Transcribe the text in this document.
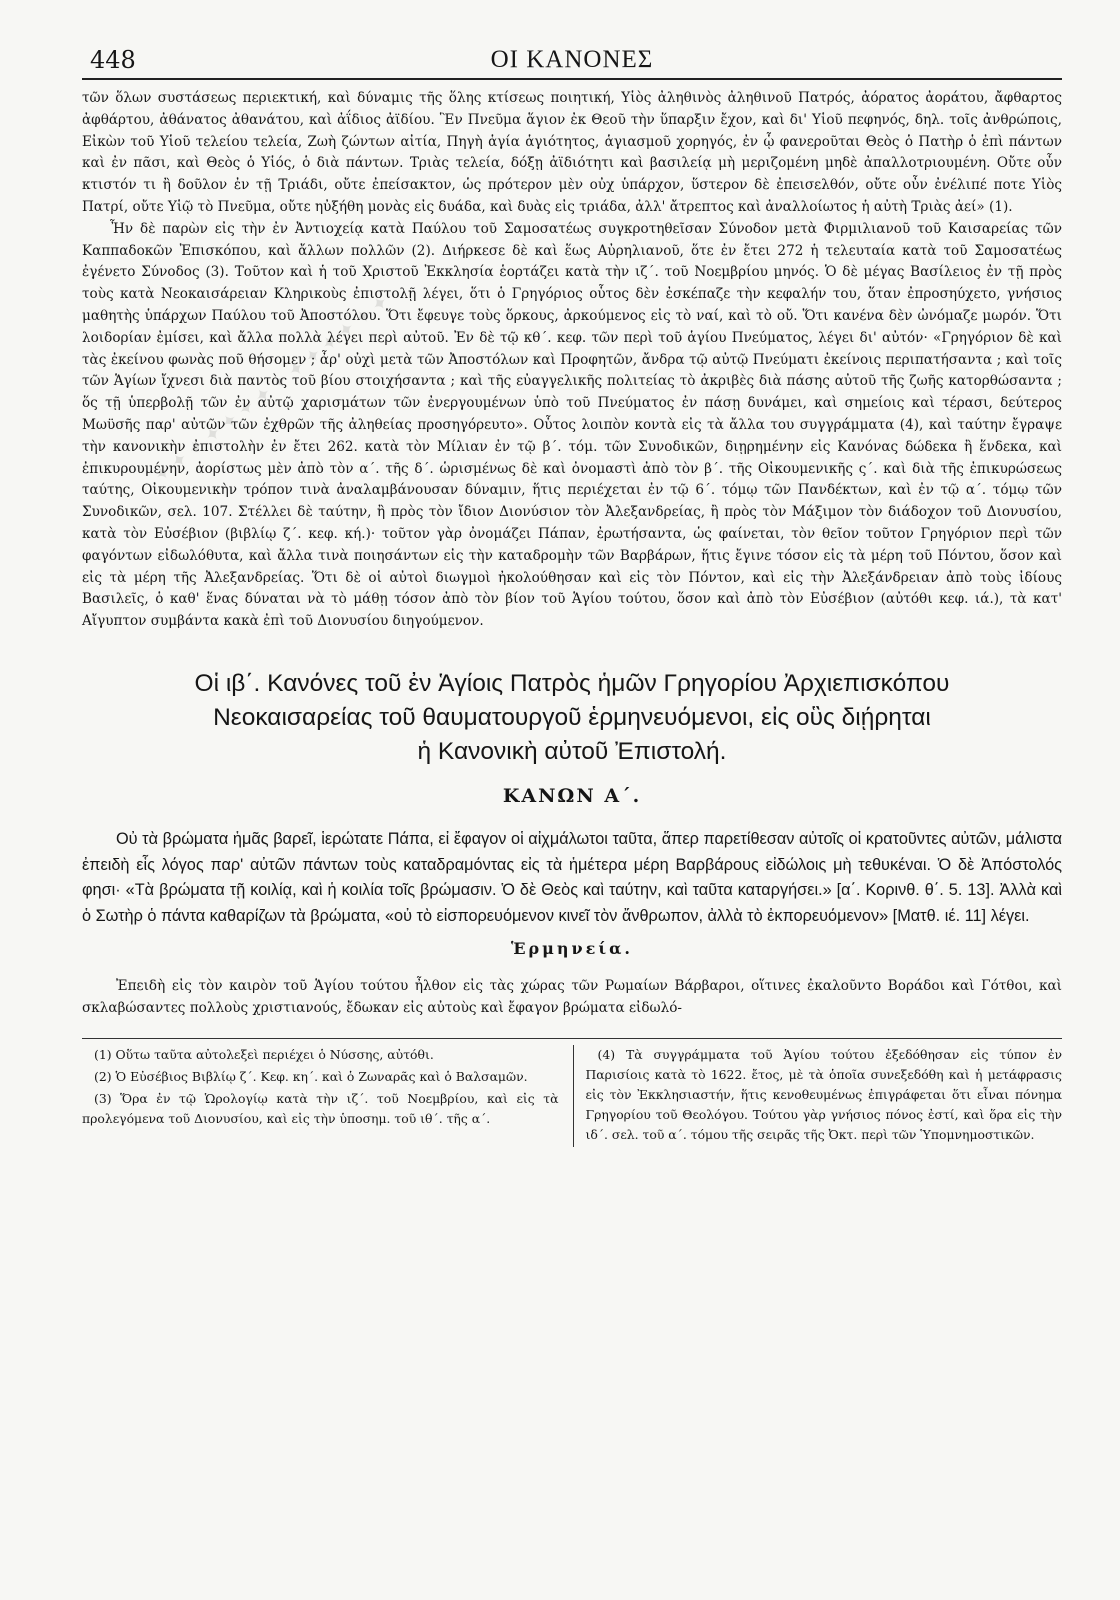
✦ ✦ ✦ ✦ ✦ ✦ ✦ ✦ ✦ ✦ ✦ ✦ ✦ ✦
448	ΟΙ ΚΑΝΟΝΕΣ

τῶν ὅλων συστάσεως περιεκτική, καὶ δύναμις τῆς ὅλης κτίσεως ποιητική, Υἱὸς ἀληθινὸς ἀληθινοῦ Πατρός, ἀόρατος ἀοράτου, ἄφθαρτος ἀφθάρτου, ἀθάνατος ἀθανάτου, καὶ ἀΐδιος ἀϊδίου. Ἓν Πνεῦμα ἅγιον ἐκ Θεοῦ τὴν ὕπαρξιν ἔχον, καὶ δι' Υἱοῦ πεφηνός, δηλ. τοῖς ἀνθρώποις, Εἰκὼν τοῦ Υἱοῦ τελείου τελεία, Ζωὴ ζώντων αἰτία, Πηγὴ ἁγία ἁγιότητος, ἁγιασμοῦ χορηγός, ἐν ᾧ φανεροῦται Θεὸς ὁ Πατὴρ ὁ ἐπὶ πάντων καὶ ἐν πᾶσι, καὶ Θεὸς ὁ Υἱός, ὁ διὰ πάντων. Τριὰς τελεία, δόξῃ ἀϊδιότητι καὶ βασιλείᾳ μὴ μεριζομένη μηδὲ ἀπαλλοτριουμένη. Οὔτε οὖν κτιστόν τι ἢ δοῦλον ἐν τῇ Τριάδι, οὔτε ἐπείσακτον, ὡς πρότερον μὲν οὐχ ὑπάρχον, ὕστερον δὲ ἐπεισελθόν, οὔτε οὖν ἐνέλιπέ ποτε Υἱὸς Πατρί, οὔτε Υἱῷ τὸ Πνεῦμα, οὔτε ηὐξήθη μονὰς εἰς δυάδα, καὶ δυὰς εἰς τριάδα, ἀλλ' ἄτρεπτος καὶ ἀναλλοίωτος ἡ αὐτὴ Τριὰς ἀεί» (1).

Ἦν δὲ παρὼν εἰς τὴν ἐν Ἀντιοχείᾳ κατὰ Παύλου τοῦ Σαμοσατέως συγκροτηθεῖσαν Σύνοδον μετὰ Φιρμιλιανοῦ τοῦ Καισαρείας τῶν Καππαδοκῶν Ἐπισκόπου, καὶ ἄλλων πολλῶν (2). Διήρκεσε δὲ καὶ ἕως Αὐρηλιανοῦ, ὅτε ἐν ἔτει 272 ἡ τελευταία κατὰ τοῦ Σαμοσατέως ἐγένετο Σύνοδος (3). Τοῦτον καὶ ἡ τοῦ Χριστοῦ Ἐκκλησία ἑορτάζει κατὰ τὴν ιζ΄. τοῦ Νοεμβρίου μηνός. Ὁ δὲ μέγας Βασίλειος ἐν τῇ πρὸς τοὺς κατὰ Νεοκαισάρειαν Κληρικοὺς ἐπιστολῇ λέγει, ὅτι ὁ Γρηγόριος οὗτος δὲν ἐσκέπαζε τὴν κεφαλήν του, ὅταν ἐπροσηύχετο, γνήσιος μαθητὴς ὑπάρχων Παύλου τοῦ Ἀποστόλου. Ὅτι ἔφευγε τοὺς ὅρκους, ἀρκούμενος εἰς τὸ ναί, καὶ τὸ οὔ. Ὅτι κανένα δὲν ὠνόμαζε μωρόν. Ὅτι λοιδορίαν ἐμίσει, καὶ ἄλλα πολλὰ λέγει περὶ αὐτοῦ. Ἐν δὲ τῷ κθ΄. κεφ. τῶν περὶ τοῦ ἁγίου Πνεύματος, λέγει δι' αὐτόν· «Γρηγόριον δὲ καὶ τὰς ἐκείνου φωνὰς ποῦ θήσομεν ; ἆρ' οὐχὶ μετὰ τῶν Ἀποστόλων καὶ Προφητῶν, ἄνδρα τῷ αὐτῷ Πνεύματι ἐκείνοις περιπατήσαντα ; καὶ τοῖς τῶν Ἁγίων ἴχνεσι διὰ παντὸς τοῦ βίου στοιχήσαντα ; καὶ τῆς εὐαγγελικῆς πολιτείας τὸ ἀκριβὲς διὰ πάσης αὐτοῦ τῆς ζωῆς κατορθώσαντα ; ὅς τῇ ὑπερβολῇ τῶν ἐν αὐτῷ χαρισμάτων τῶν ἐνεργουμένων ὑπὸ τοῦ Πνεύματος ἐν πάσῃ δυνάμει, καὶ σημείοις καὶ τέρασι, δεύτερος Μωϋσῆς παρ' αὐτῶν τῶν ἐχθρῶν τῆς ἀληθείας προσηγόρευτο». Οὗτος λοιπὸν κοντὰ εἰς τὰ ἄλλα του συγγράμματα (4), καὶ ταύτην ἔγραψε τὴν κανονικὴν ἐπιστολὴν ἐν ἔτει 262. κατὰ τὸν Μίλιαν ἐν τῷ β΄. τόμ. τῶν Συνοδικῶν, διῃρημένην εἰς Κανόνας δώδεκα ἢ ἕνδεκα, καὶ ἐπικυρουμένην, ἀορίστως μὲν ἀπὸ τὸν α΄. τῆς δ΄. ὡρισμένως δὲ καὶ ὀνομαστὶ ἀπὸ τὸν β΄. τῆς Οἰκουμενικῆς ς΄. καὶ διὰ τῆς ἐπικυρώσεως ταύτης, Οἰκουμενικὴν τρόπον τινὰ ἀναλαμβάνουσαν δύναμιν, ἥτις περιέχεται ἐν τῷ 6΄. τόμῳ τῶν Πανδέκτων, καὶ ἐν τῷ α΄. τόμῳ τῶν Συνοδικῶν, σελ. 107. Στέλλει δὲ ταύτην, ἢ πρὸς τὸν ἴδιον Διονύσιον τὸν Ἀλεξανδρείας, ἢ πρὸς τὸν Μάξιμον τὸν διάδοχον τοῦ Διονυσίου, κατὰ τὸν Εὐσέβιον (βιβλίῳ ζ΄. κεφ. κή.)· τοῦτον γὰρ ὀνομάζει Πάπαν, ἐρωτήσαντα, ὡς φαίνεται, τὸν θεῖον τοῦτον Γρηγόριον περὶ τῶν φαγόντων εἰδωλόθυτα, καὶ ἄλλα τινὰ ποιησάντων εἰς τὴν καταδρομὴν τῶν Βαρβάρων, ἥτις ἔγινε τόσον εἰς τὰ μέρη τοῦ Πόντου, ὅσον καὶ εἰς τὰ μέρη τῆς Ἀλεξανδρείας. Ὅτι δὲ οἱ αὐτοὶ διωγμοὶ ἠκολούθησαν καὶ εἰς τὸν Πόντον, καὶ εἰς τὴν Ἀλεξάνδρειαν ἀπὸ τοὺς ἰδίους Βασιλεῖς, ὁ καθ' ἕνας δύναται νὰ τὸ μάθῃ τόσον ἀπὸ τὸν βίον τοῦ Ἁγίου τούτου, ὅσον καὶ ἀπὸ τὸν Εὐσέβιον (αὐτόθι κεφ. ιά.), τὰ κατ' Αἴγυπτον συμβάντα κακὰ ἐπὶ τοῦ Διονυσίου διηγούμενον.

Οἱ ιβ΄. Κανόνες τοῦ ἐν Ἁγίοις Πατρὸς ἡμῶν Γρηγορίου Ἀρχιεπισκόπου
Νεοκαισαρείας τοῦ θαυματουργοῦ ἑρμηνευόμενοι, εἰς οὓς διῄρηται
ἡ Κανονικὴ αὐτοῦ Ἐπιστολή.
ΚΑΝΩΝ Α΄.

Οὐ τὰ βρώματα ἡμᾶς βαρεῖ, ἱερώτατε Πάπα, εἰ ἔφαγον οἱ αἰχμάλωτοι ταῦτα, ἅπερ παρετίθεσαν αὐτοῖς οἱ κρατοῦντες αὐτῶν, μάλιστα ἐπειδὴ εἷς λόγος παρ' αὐτῶν πάντων τοὺς καταδραμόντας εἰς τὰ ἡμέτερα μέρη Βαρβάρους εἰδώλοις μὴ τεθυκέναι. Ὁ δὲ Ἀπόστολός φησι· «Τὰ βρώματα τῇ κοιλίᾳ, καὶ ἡ κοιλία τοῖς βρώμασιν. Ὁ δὲ Θεὸς καὶ ταύτην, καὶ ταῦτα καταργήσει.» [α΄. Κορινθ. θ΄. 5. 13]. Ἀλλὰ καὶ ὁ Σωτὴρ ὁ πάντα καθαρίζων τὰ βρώματα, «οὐ τὸ εἰσπορευόμενον κινεῖ τὸν ἄνθρωπον, ἀλλὰ τὸ ἐκπορευόμενον» [Ματθ. ιέ. 11] λέγει.

Ἑρμηνεία.

Ἐπειδὴ εἰς τὸν καιρὸν τοῦ Ἁγίου τούτου ἦλθον εἰς τὰς χώρας τῶν Ρωμαίων Βάρβαροι, οἵτινες ἐκαλοῦντο Βοράδοι καὶ Γότθοι, καὶ σκλαβώσαντες πολλοὺς χριστιανούς, ἔδωκαν εἰς αὐτοὺς καὶ ἔφαγον βρώματα εἰδωλό-

(1) Οὕτω ταῦτα αὐτολεξεὶ περιέχει ὁ Νύσσης, αὐτόθι.

(2) Ὁ Εὐσέβιος Βιβλίῳ ζ΄. Κεφ. κη΄. καὶ ὁ Ζωναρᾶς καὶ ὁ Βαλσαμῶν.

(3) Ὅρα ἐν τῷ Ὡρολογίῳ κατὰ τὴν ιζ΄. τοῦ Νοεμβρίου, καὶ εἰς τὰ προλεγόμενα τοῦ Διονυσίου, καὶ εἰς τὴν ὑποσημ. τοῦ ιθ΄. τῆς α΄.

(4) Τὰ συγγράμματα τοῦ Ἁγίου τούτου ἐξεδόθησαν εἰς τύπον ἐν Παρισίοις κατὰ τὸ 1622. ἔτος, μὲ τὰ ὁποῖα συνεξεδόθη καὶ ἡ μετάφρασις εἰς τὸν Ἐκκλησιαστήν, ἥτις κενοθευμένως ἐπιγράφεται ὅτι εἶναι πόνημα Γρηγορίου τοῦ Θεολόγου. Τούτου γὰρ γνήσιος πόνος ἐστί, καὶ ὅρα εἰς τὴν ιδ΄. σελ. τοῦ α΄. τόμου τῆς σειρᾶς τῆς Ὀκτ. περὶ τῶν Ὑπομνημοστικῶν.
